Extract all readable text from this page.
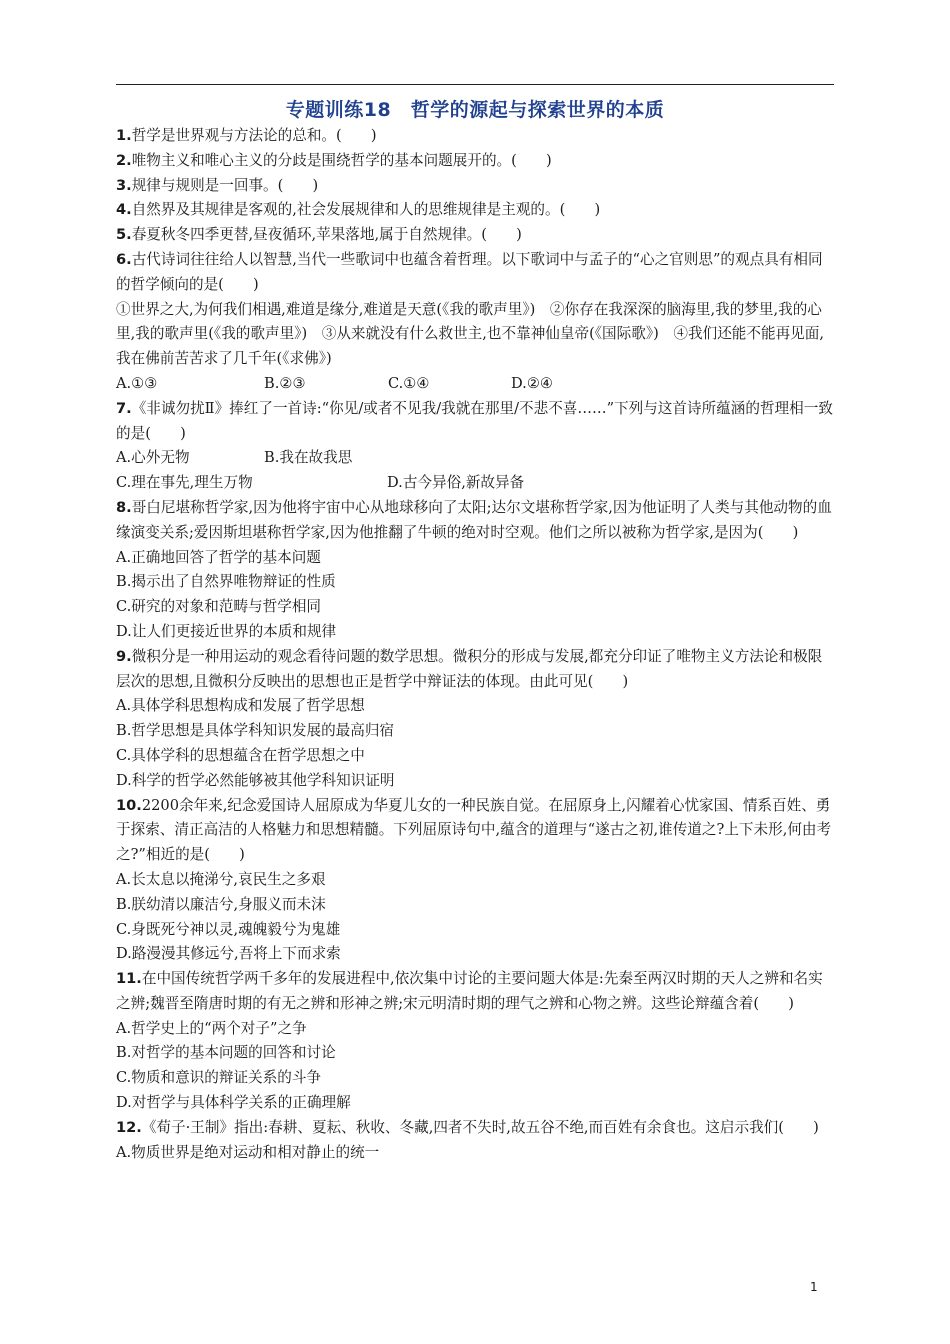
专题训练18　哲学的源起与探索世界的本质

1.哲学是世界观与方法论的总和。(　　)

2.唯物主义和唯心主义的分歧是围绕哲学的基本问题展开的。(　　)

3.规律与规则是一回事。(　　)

4.自然界及其规律是客观的,社会发展规律和人的思维规律是主观的。(　　)

5.春夏秋冬四季更替,昼夜循环,苹果落地,属于自然规律。(　　)

6.古代诗词往往给人以智慧,当代一些歌词中也蕴含着哲理。以下歌词中与孟子的“心之官则思”的观点具有相同的哲学倾向的是(　　)

①世界之大,为何我们相遇,难道是缘分,难道是天意(《我的歌声里》)　②你存在我深深的脑海里,我的梦里,我的心里,我的歌声里(《我的歌声里》)　③从来就没有什么救世主,也不靠神仙皇帝(《国际歌》)　④我们还能不能再见面,我在佛前苦苦求了几千年(《求佛》)

A.①③	B.②③	C.①④	D.②④

7.《非诚勿扰Ⅱ》捧红了一首诗:“你见/或者不见我/我就在那里/不悲不喜……”下列与这首诗所蕴涵的哲理相一致的是(　　)

A.心外无物	B.我在故我思
C.理在事先,理生万物	D.古今异俗,新故异备

8.哥白尼堪称哲学家,因为他将宇宙中心从地球移向了太阳;达尔文堪称哲学家,因为他证明了人类与其他动物的血缘演变关系;爱因斯坦堪称哲学家,因为他推翻了牛顿的绝对时空观。他们之所以被称为哲学家,是因为(　　)

A.正确地回答了哲学的基本问题

B.揭示出了自然界唯物辩证的性质

C.研究的对象和范畴与哲学相同

D.让人们更接近世界的本质和规律

9.微积分是一种用运动的观念看待问题的数学思想。微积分的形成与发展,都充分印证了唯物主义方法论和极限层次的思想,且微积分反映出的思想也正是哲学中辩证法的体现。由此可见(　　)

A.具体学科思想构成和发展了哲学思想

B.哲学思想是具体学科知识发展的最高归宿

C.具体学科的思想蕴含在哲学思想之中

D.科学的哲学必然能够被其他学科知识证明

10.2200余年来,纪念爱国诗人屈原成为华夏儿女的一种民族自觉。在屈原身上,闪耀着心忧家国、情系百姓、勇于探索、清正高洁的人格魅力和思想精髓。下列屈原诗句中,蕴含的道理与“遂古之初,谁传道之?上下未形,何由考之?”相近的是(　　)

A.长太息以掩涕兮,哀民生之多艰

B.朕幼清以廉洁兮,身服义而未沫

C.身既死兮神以灵,魂魄毅兮为鬼雄

D.路漫漫其修远兮,吾将上下而求索

11.在中国传统哲学两千多年的发展进程中,依次集中讨论的主要问题大体是:先秦至两汉时期的天人之辨和名实之辨;魏晋至隋唐时期的有无之辨和形神之辨;宋元明清时期的理气之辨和心物之辨。这些论辩蕴含着(　　)

A.哲学史上的“两个对子”之争

B.对哲学的基本问题的回答和讨论

C.物质和意识的辩证关系的斗争

D.对哲学与具体科学关系的正确理解

12.《荀子·王制》指出:春耕、夏耘、秋收、冬藏,四者不失时,故五谷不绝,而百姓有余食也。这启示我们(　　)

A.物质世界是绝对运动和相对静止的统一

1
